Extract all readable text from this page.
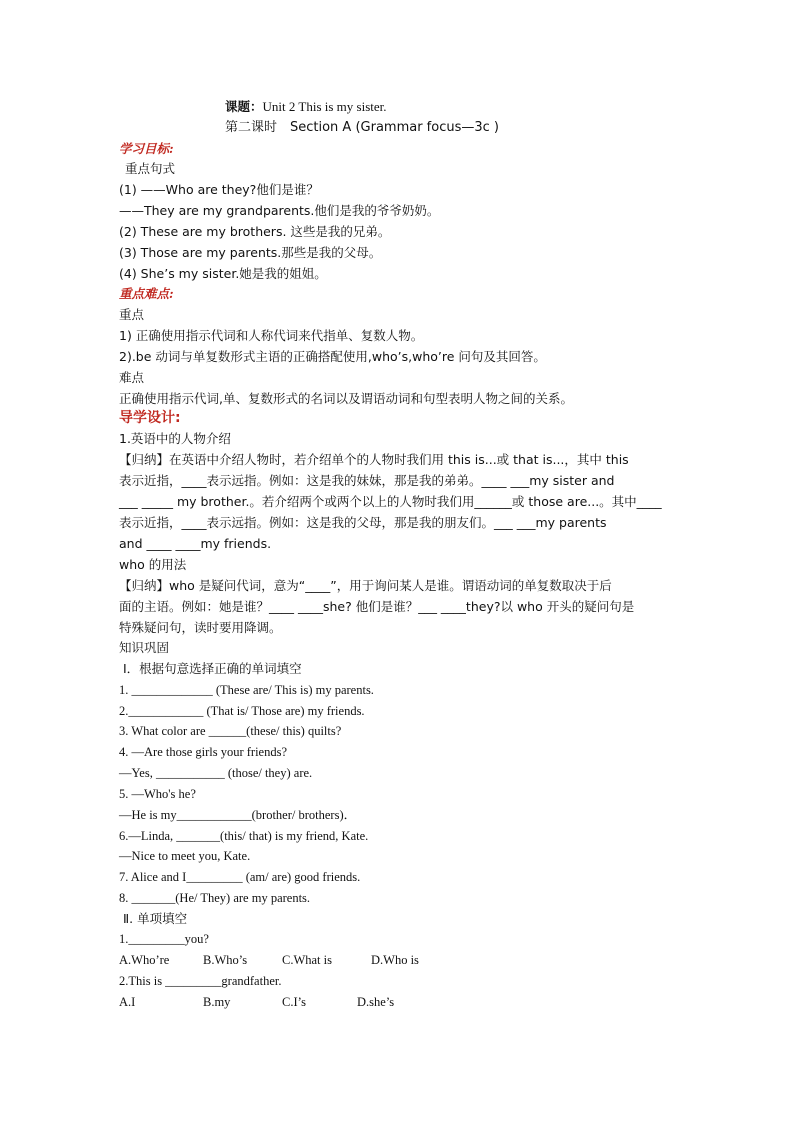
课题：Unit 2 This is my sister.
第二课时　Section A (Grammar focus—3c )
学习目标:
重点句式
(1) ——Who are they?他们是谁？
——They are my grandparents.他们是我的爷爷奶奶。
(2) These are my brothers. 这些是我的兄弟。
(3) Those are my parents.那些是我的父母。
(4) She’s my sister.她是我的姐姐。
重点难点:
重点
1) 正确使用指示代词和人称代词来代指单、复数人物。
2).be 动词与单复数形式主语的正确搭配使用,who’s,who’re 问句及其回答。
难点
正确使用指示代词,单、复数形式的名词以及谓语动词和句型表明人物之间的关系。
导学设计:
1.英语中的人物介绍
【归纳】在英语中介绍人物时，若介绍单个的人物时我们用 this is...或 that is...，其中 this
表示近指，____表示远指。例如：这是我的妹妹，那是我的弟弟。____ ___my sister and
___ _____ my brother.。若介绍两个或两个以上的人物时我们用______或 those are...。其中____
表示近指，____表示远指。例如：这是我的父母，那是我的朋友们。___ ___my parents
and ____ ____my friends.
who 的用法
【归纳】who 是疑问代词，意为“____”，用于询问某人是谁。谓语动词的单复数取决于后
面的主语。例如：她是谁？____ ____she? 他们是谁？___ ____they?以 who 开头的疑问句是
特殊疑问句，读时要用降调。
知识巩固
Ⅰ．根据句意选择正确的单词填空
1. _____________ (These are/ This is) my parents.
2.____________ (That is/ Those are) my friends.
3. What color are ______(these/ this) quilts?
4. —Are those girls your friends?
—Yes, ___________ (those/ they) are.
5. —Who's he?
—He is my____________(brother/ brothers)．
6.—Linda, _______(this/ that) is my friend, Kate.
—Nice to meet you, Kate.
7. Alice and I_________ (am/ are) good friends.
8. _______(He/ They) are my parents.
Ⅱ. 单项填空
1._________you?
A.Who’re	B.Who’s	C.What is	D.Who is
2.This is _________grandfather.
A.I	B.my	C.I’s	D.she’s
